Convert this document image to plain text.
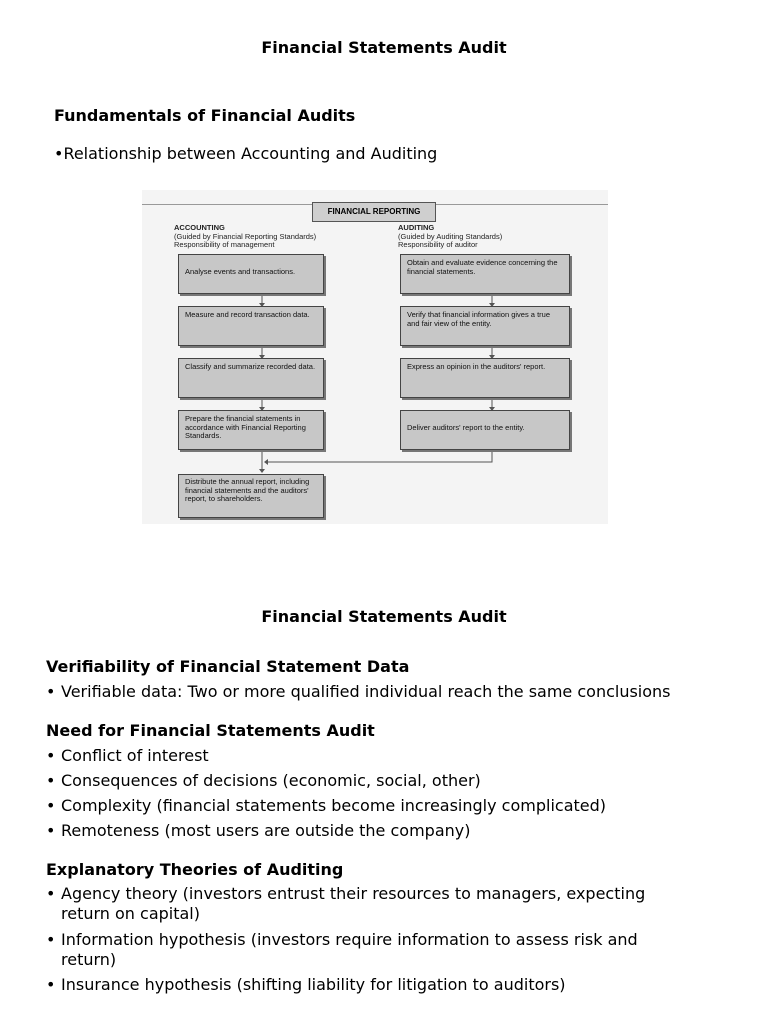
Financial Statements Audit
Fundamentals of Financial Audits
•Relationship between Accounting and Auditing
FINANCIAL REPORTING
ACCOUNTING
(Guided by Financial Reporting Standards)
Responsibility of management
AUDITING
(Guided by Auditing Standards)
Responsibility of auditor
Analyse events and transactions.
Measure and record transaction data.
Classify and summarize recorded data.
Prepare the financial statements in accordance with Financial Reporting Standards.
Obtain and evaluate evidence concerning the financial statements.
Verify that financial information gives a true and fair view of the entity.
Express an opinion in the auditors' report.
Deliver auditors' report to the entity.
Distribute the annual report, including financial statements and the auditors' report, to shareholders.
Financial Statements Audit
Verifiability of Financial Statement Data
• Verifiable data: Two or more qualified individual reach the same conclusions
Need for Financial Statements Audit
• Conflict of interest
• Consequences of decisions (economic, social, other)
• Complexity (financial statements become increasingly complicated)
• Remoteness (most users are outside the company)
Explanatory Theories of Auditing
• Agency theory (investors entrust their resources to managers, expecting return on capital)
• Information hypothesis (investors require information to assess risk and return)
• Insurance hypothesis (shifting liability for litigation to auditors)
